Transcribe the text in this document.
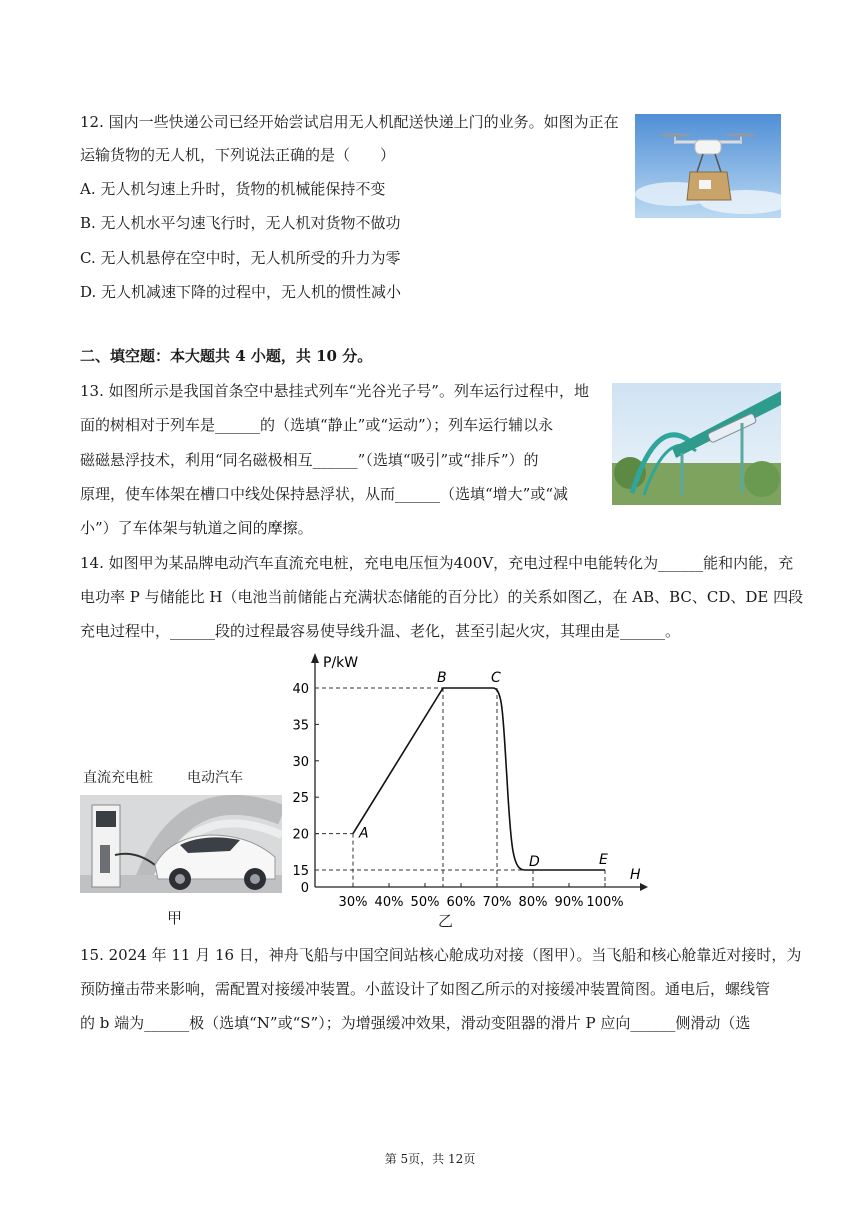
12. 国内一些快递公司已经开始尝试启用无人机配送快递上门的业务。如图为正在
运输货物的无人机，下列说法正确的是（　　）
A. 无人机匀速上升时，货物的机械能保持不变
B. 无人机水平匀速飞行时，无人机对货物不做功
C. 无人机悬停在空中时，无人机所受的升力为零
D. 无人机减速下降的过程中，无人机的惯性减小
二、填空题：本大题共 4 小题，共 10 分。
13. 如图所示是我国首条空中悬挂式列车“光谷光子号”。列车运行过程中，地
面的树相对于列车是______的（选填“静止”或“运动”）；列车运行辅以永
磁磁悬浮技术，利用“同名磁极相互______”（选填“吸引”或“排斥”）的
原理，使车体架在槽口中线处保持悬浮状，从而______（选填“增大”或“减
小”）了车体架与轨道之间的摩擦。
14. 如图甲为某品牌电动汽车直流充电桩，充电电压恒为400V，充电过程中电能转化为______能和内能，充
电功率 P 与储能比 H（电池当前储能占充满状态储能的百分比）的关系如图乙，在 AB、BC、CD、DE 四段
充电过程中，______段的过程最容易使导线升温、老化，甚至引起火灾，其理由是______。
直流充电桩 电动汽车
甲
P/kW
H
0
15
20
25
30
35
40
30% 40% 50% 60% 70% 80% 90% 100%
A
B	C
D	E
乙
15. 2024 年 11 月 16 日，神舟飞船与中国空间站核心舱成功对接（图甲）。当飞船和核心舱靠近对接时，为
预防撞击带来影响，需配置对接缓冲装置。小蓝设计了如图乙所示的对接缓冲装置简图。通电后，螺线管
的 b 端为______极（选填“N”或“S”）；为增强缓冲效果，滑动变阻器的滑片 P 应向______侧滑动（选
第 5页，共 12页
